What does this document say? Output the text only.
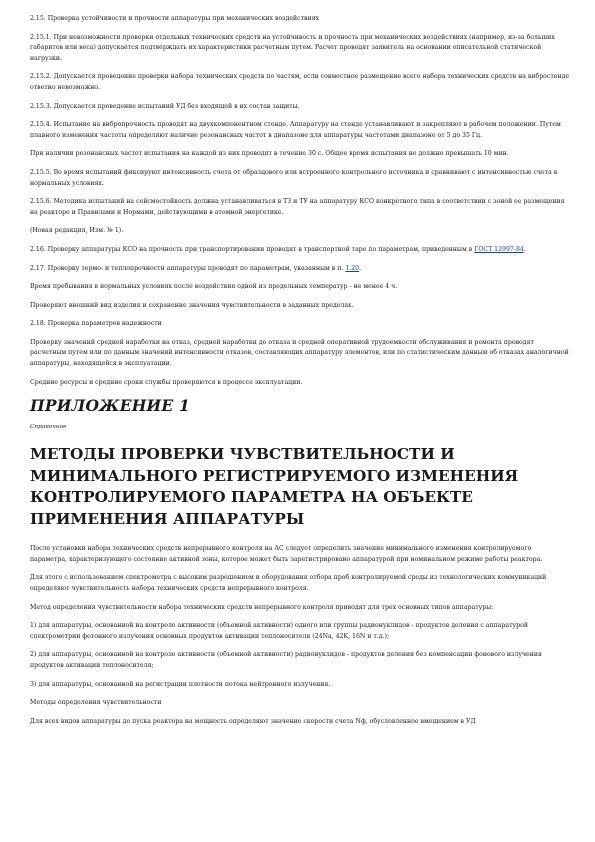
2.15. Проверка устойчивости и прочности аппаратуры при механических воздействиях

2.15.1. При невозможности проверки отдельных технических средств на устойчивость и прочность при механических воздействиях (например, из-за больших габаритов или веса) допускается подтверждать их характеристики расчетным путем. Расчет проводят заявитель на основании описательной статической нагрузки.

2.15.2. Допускается проведение проверки набора технических средств по частям, если совместное размещение всего набора технических средств на вибростенде ответно невозможно.

2.15.3. Допускается проведение испытаний УД без входящей в их состав защиты.

2.15.4. Испытание на вибропрочность проводят на двухкомпонентном стенде. Аппаратуру на стенде устанавливают и закрепляют в рабочем положении. Путем плавного изменения частоты определяют наличие резонансных частот в диапазоне для аппаратуры частотами диапазоне от 5 до 35 Гц.

При наличии резонансных частот испытания на каждой из них проводят в течение 30 с. Общее время испытания не должно превышать 10 мин.

2.15.5. Во время испытаний фиксируют интенсивность счета от образцового или встроенного контрольного источника и сравнивают с интенсивностью счета в нормальных условиях.

2.15.6. Методика испытаний на сейсмостойкость должна устанавливаться в ТЗ и ТУ на аппаратуру КСО конкретного типа в соответствии с зоной ее размещения на реакторе и Правилами и Нормами, действующими в атомной энергетике.

(Новая редакция, Изм. № 1).

2.16. Проверку аппаратуры КСО на прочность при транспортировании проводят в транспортной таре по параметрам, приведенным в ГОСТ 12997-84.

2.17. Проверку термо- и теплопрочности аппаратуры проводят по параметрам, указанным в п. 1.20.

Время пребывания в нормальных условиях после воздействия одной из предельных температур - не менее 4 ч.

Проверяют внешний вид изделия и сохранение значения чувствительности в заданных пределах.

2.18. Проверка параметров надежности

Проверку значений средней наработки на отказ, средней наработки до отказа и средней оперативной трудоемкости обслуживания и ремонта проводят расчетным путем или по данным значений интенсивности отказов, составляющих аппаратуру элементов, или по статистическим данным об отказах аналогичной аппаратуры, находящейся в эксплуатации.

Средние ресурсы и средние сроки службы проверяются в процессе эксплуатации.

ПРИЛОЖЕНИЕ 1

Справочное

МЕТОДЫ ПРОВЕРКИ ЧУВСТВИТЕЛЬНОСТИ И
МИНИМАЛЬНОГО РЕГИСТРИРУЕМОГО ИЗМЕНЕНИЯ
КОНТРОЛИРУЕМОГО ПАРАМЕТРА НА ОБЪЕКТЕ
ПРИМЕНЕНИЯ АППАРАТУРЫ

После установки набора технических средств непрерывного контроля на АС следует определить значение минимального изменения контролируемого параметра, характеризующего состояние активной зоны, которое может быть зарегистрировано аппаратурой при номинальном режиме работы реактора.

Для этого с использованием спектрометра с высоким разрешением и оборудования отбора проб контролируемой среды из технологических коммуникаций определяют чувствительность набора технических средств непрерывного контроля.

Метод определения чувствительности набора технических средств непрерывного контроля приводят для трех основных типов аппаратуры:

1) для аппаратуры, основанной на контроле активности (объемной активности) одного или группы радионуклидов - продуктов деления с аппаратурой спектрометрии фотонного излучения основных продуктов активации теплоносителя (24Na, 42K, 16N и т.д.);

2) для аппаратуры, основанной на контроле активности (объемной активности) радионуклидов - продуктов деления без компенсации фонового излучения продуктов активации теплоносителя;

3) для аппаратуры, основанной на регистрации плотности потока нейтронного излучения.

Методы определения чувствительности

Для всех видов аппаратуры до пуска реактора на мощность определяют значение скорости счета Nф, обусловленное вмещением в УД
